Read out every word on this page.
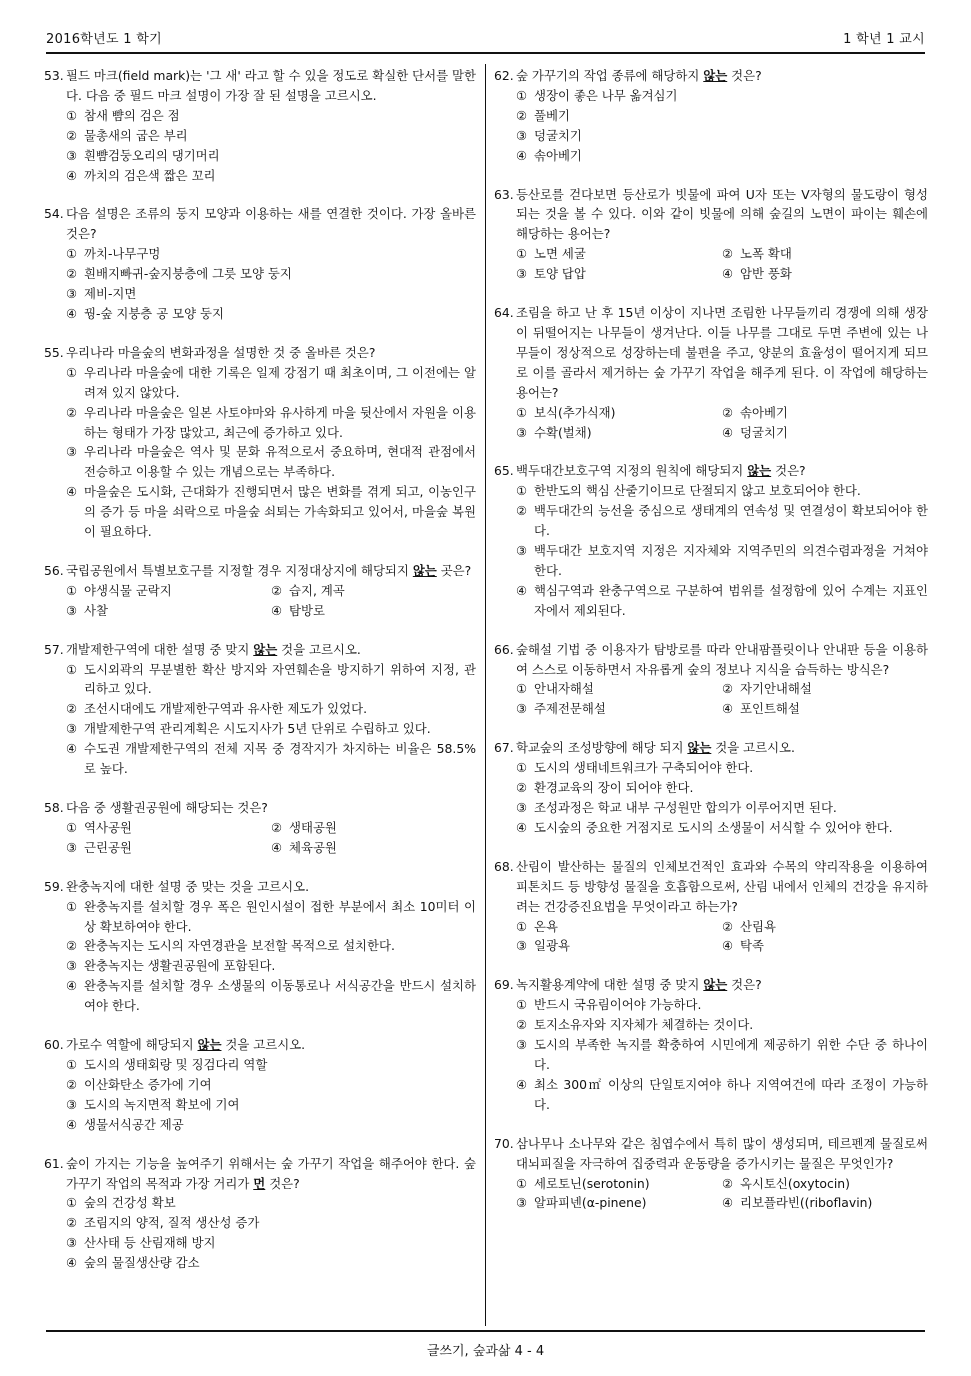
2016학년도 1 학기	1 학년 1 교시
53. 필드 마크(field mark)는 '그 새' 라고 할 수 있을 정도로 확실한 단서를 말한다. 다음 중 필드 마크 설명이 가장 잘 된 설명을 고르시오.
① 참새 뺨의 검은 점
② 물총새의 굽은 부리
③ 흰뺨검둥오리의 댕기머리
④ 까치의 검은색 짧은 꼬리
54. 다음 설명은 조류의 둥지 모양과 이용하는 새를 연결한 것이다. 가장 올바른 것은?
① 까치-나무구멍
② 흰배지빠귀-숲지붕층에 그릇 모양 둥지
③ 제비-지면
④ 꿩-숲 지붕층 공 모양 둥지
55. 우리나라 마을숲의 변화과정을 설명한 것 중 올바른 것은?
① 우리나라 마을숲에 대한 기록은 일제 강점기 때 최초이며, 그 이전에는 알려져 있지 않았다.
② 우리나라 마을숲은 일본 사토야마와 유사하게 마을 뒷산에서 자원을 이용하는 형태가 가장 많았고, 최근에 증가하고 있다.
③ 우리나라 마을숲은 역사 및 문화 유적으로서 중요하며, 현대적 관점에서 전승하고 이용할 수 있는 개념으로는 부족하다.
④ 마을숲은 도시화, 근대화가 진행되면서 많은 변화를 겪게 되고, 이농인구의 증가 등 마을 쇠락으로 마을숲 쇠퇴는 가속화되고 있어서, 마을숲 복원이 필요하다.
56. 국립공원에서 특별보호구를 지정할 경우 지정대상지에 해당되지 않는 곳은?
① 야생식물 군락지	② 습지, 계곡
③ 사찰	④ 탐방로
57. 개발제한구역에 대한 설명 중 맞지 않는 것을 고르시오.
① 도시외곽의 무분별한 확산 방지와 자연훼손을 방지하기 위하여 지정, 관리하고 있다.
② 조선시대에도 개발제한구역과 유사한 제도가 있었다.
③ 개발제한구역 관리계획은 시도지사가 5년 단위로 수립하고 있다.
④ 수도권 개발제한구역의 전체 지목 중 경작지가 차지하는 비율은 58.5%로 높다.
58. 다음 중 생활권공원에 해당되는 것은?
① 역사공원	② 생태공원
③ 근린공원	④ 체육공원
59. 완충녹지에 대한 설명 중 맞는 것을 고르시오.
① 완충녹지를 설치할 경우 폭은 원인시설이 접한 부분에서 최소 10미터 이상 확보하여야 한다.
② 완충녹지는 도시의 자연경관을 보전할 목적으로 설치한다.
③ 완충녹지는 생활권공원에 포함된다.
④ 완충녹지를 설치할 경우 소생물의 이동통로나 서식공간을 반드시 설치하여야 한다.
60. 가로수 역할에 해당되지 않는 것을 고르시오.
① 도시의 생태회랑 및 징검다리 역할
② 이산화탄소 증가에 기여
③ 도시의 녹지면적 확보에 기여
④ 생물서식공간 제공
61. 숲이 가지는 기능을 높여주기 위해서는 숲 가꾸기 작업을 해주어야 한다. 숲 가꾸기 작업의 목적과 가장 거리가 먼 것은?
① 숲의 건강성 확보
② 조림지의 양적, 질적 생산성 증가
③ 산사태 등 산림재해 방지
④ 숲의 물질생산량 감소
62. 숲 가꾸기의 작업 종류에 해당하지 않는 것은?
① 생장이 좋은 나무 옮겨심기
② 풀베기
③ 덩굴치기
④ 솎아베기
63. 등산로를 걷다보면 등산로가 빗물에 파여 U자 또는 V자형의 물도랑이 형성되는 것을 볼 수 있다. 이와 같이 빗물에 의해 숲길의 노면이 파이는 훼손에 해당하는 용어는?
① 노면 세굴	② 노폭 확대
③ 토양 답압	④ 암반 풍화
64. 조림을 하고 난 후 15년 이상이 지나면 조림한 나무들끼리 경쟁에 의해 생장이 뒤떨어지는 나무들이 생겨난다. 이들 나무를 그대로 두면 주변에 있는 나무들이 정상적으로 성장하는데 불편을 주고, 양분의 효율성이 떨어지게 되므로 이를 골라서 제거하는 숲 가꾸기 작업을 해주게 된다. 이 작업에 해당하는 용어는?
① 보식(추가식재)	② 솎아베기
③ 수확(벌채)	④ 덩굴치기
65. 백두대간보호구역 지정의 원칙에 해당되지 않는 것은?
① 한반도의 핵심 산줄기이므로 단절되지 않고 보호되어야 한다.
② 백두대간의 능선을 중심으로 생태계의 연속성 및 연결성이 확보되어야 한다.
③ 백두대간 보호지역 지정은 지자체와 지역주민의 의견수렴과정을 거쳐야 한다.
④ 핵심구역과 완충구역으로 구분하여 범위를 설정함에 있어 수계는 지표인자에서 제외된다.
66. 숲해설 기법 중 이용자가 탐방로를 따라 안내팜플릿이나 안내판 등을 이용하여 스스로 이동하면서 자유롭게 숲의 정보나 지식을 습득하는 방식은?
① 안내자해설	② 자기안내해설
③ 주제전문해설	④ 포인트해설
67. 학교숲의 조성방향에 해당 되지 않는 것을 고르시오.
① 도시의 생태네트워크가 구축되어야 한다.
② 환경교육의 장이 되어야 한다.
③ 조성과정은 학교 내부 구성원만 합의가 이루어지면 된다.
④ 도시숲의 중요한 거점지로 도시의 소생물이 서식할 수 있어야 한다.
68. 산림이 발산하는 물질의 인체보건적인 효과와 수목의 약리작용을 이용하여 피톤치드 등 방향성 물질을 호흡함으로써, 산림 내에서 인체의 건강을 유지하려는 건강증진요법을 무엇이라고 하는가?
① 온욕	② 산림욕
③ 일광욕	④ 탁족
69. 녹지활용계약에 대한 설명 중 맞지 않는 것은?
① 반드시 국유림이어야 가능하다.
② 토지소유자와 지자체가 체결하는 것이다.
③ 도시의 부족한 녹지를 확충하여 시민에게 제공하기 위한 수단 중 하나이다.
④ 최소 300㎡ 이상의 단일토지여야 하나 지역여건에 따라 조정이 가능하다.
70. 삼나무나 소나무와 같은 침엽수에서 특히 많이 생성되며, 테르펜계 물질로써 대뇌피질을 자극하여 집중력과 운동량을 증가시키는 물질은 무엇인가?
① 세로토닌(serotonin)	② 옥시토신(oxytocin)
③ 알파피넨(α-pinene)	④ 리보플라빈((riboflavin)
글쓰기, 숲과삶 4 - 4
